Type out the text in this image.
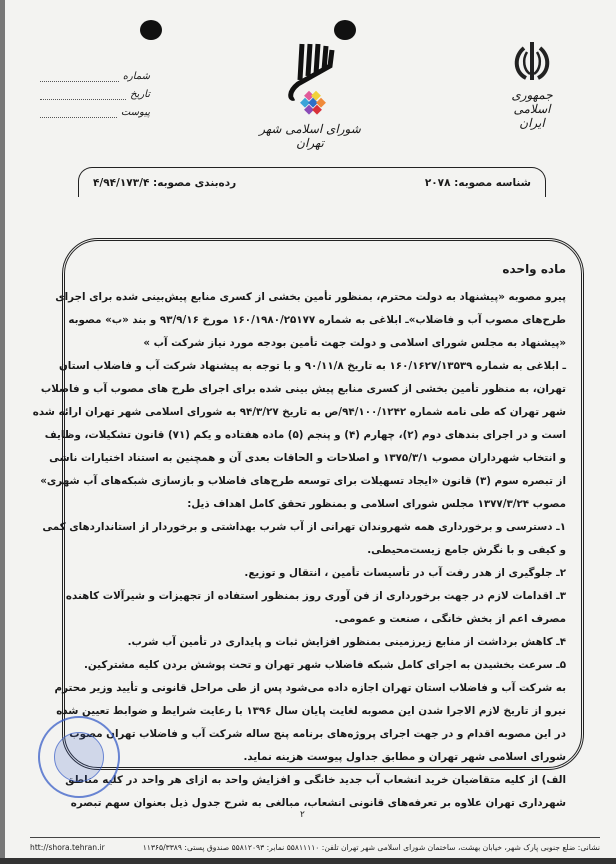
جمهوری اسلامی ایران
شورای اسلامی شهر تهران
شماره
تاریخ
پیوست
شناسه مصوبه: ۲۰۷۸
رده‌بندی مصوبه: ۴/۹۴/۱۷۳/۴
ماده واحده
پیرو مصوبه «پیشنهاد به دولت محترم، بمنظور تأمین بخشی از کسری منابع پیش‌بینی شده برای اجرای
طرح‌های مصوب آب و فاضلاب»ـ ابلاغی به شماره ۱۶۰/۱۹۸۰/۲۵۱۷۷ مورخ ۹۳/۹/۱۶ و بند «ب» مصوبه
«پیشنهاد به مجلس شورای اسلامی و دولت جهت تأمین بودجه مورد نیاز شرکت آب »
ـ ابلاغی به شماره ۱۶۰/۱۶۲۷/۱۳۵۳۹ به تاریخ ۹۰/۱۱/۸ و با توجه به پیشنهاد شرکت آب و فاضلاب استان
تهران، به منظور تأمین بخشی از کسری منابع پیش بینی شده برای اجرای طرح های مصوب آب و فاضلاب
شهر تهران که طی نامه شماره ۹۴/۱۰۰/۱۲۴۲/ص به تاریخ ۹۴/۳/۲۷ به شورای اسلامی شهر تهران ارائه شده
است و در اجرای بندهای دوم (۲)، چهارم (۴) و پنجم (۵) ماده هفتاده و یکم (۷۱) قانون تشکیلات، وظایف
و انتخاب شهرداران مصوب ۱۳۷۵/۳/۱ و اصلاحات و الحاقات بعدی آن و همچنین به استناد اختیارات ناشی
از تبصره سوم (۳) قانون «ایجاد تسهیلات برای توسعه طرح‌های فاضلاب و بازسازی شبکه‌های آب شهری»
مصوب ۱۳۷۷/۳/۲۴ مجلس شورای اسلامی و بمنظور تحقق کامل اهداف ذیل:
۱ـ دسترسی و برخورداری همه شهروندان تهرانی از آب شرب بهداشتی و برخوردار از استانداردهای کمی
و کیفی و با نگرش جامع زیست‌محیطی.
۲ـ جلوگیری از هدر رفت آب در تأسیسات تأمین ، انتقال و توزیع.
۳ـ اقدامات لازم در جهت برخورداری از فن آوری روز بمنظور استفاده از تجهیزات و شیرآلات کاهنده
مصرف اعم از بخش خانگی ، صنعت و عمومی.
۴ـ کاهش برداشت از منابع زیرزمینی بمنظور افزایش ثبات و پایداری در تأمین آب شرب.
۵ـ سرعت بخشیدن به اجرای کامل شبکه فاضلاب شهر تهران و تحت پوشش بردن کلیه مشترکین.
به شرکت آب و فاضلاب استان تهران اجازه داده می‌شود پس از طی مراحل قانونی و تأیید وزیر محترم
نیرو از تاریخ لازم الاجرا شدن این مصوبه لغایت پایان سال ۱۳۹۶ با رعایت شرایط و ضوابط تعیین شده
در این مصوبه اقدام و در جهت اجرای پروژه‌های برنامه پنج ساله شرکت آب و فاضلاب تهران مصوب
شورای اسلامی شهر تهران و مطابق جداول پیوست هزینه نماید.
الف) از کلیه متقاضیان خرید انشعاب آب جدید خانگی و افزایش واحد به ازای هر واحد در کلیه مناطق
شهرداری تهران علاوه بر تعرفه‌های قانونی انشعاب، مبالغی به شرح جدول ذیل بعنوان سهم تبصره
۲
نشانی: ضلع جنوبی پارک شهر، خیابان بهشت، ساختمان شورای اسلامی شهر تهران تلفن: ۵۵۸۱۱۱۱۰ نمابر: ۵۵۸۱۲۰۹۳ صندوق پستی: ۱۱۳۶۵/۳۳۸۹
htt://shora.tehran.ir
